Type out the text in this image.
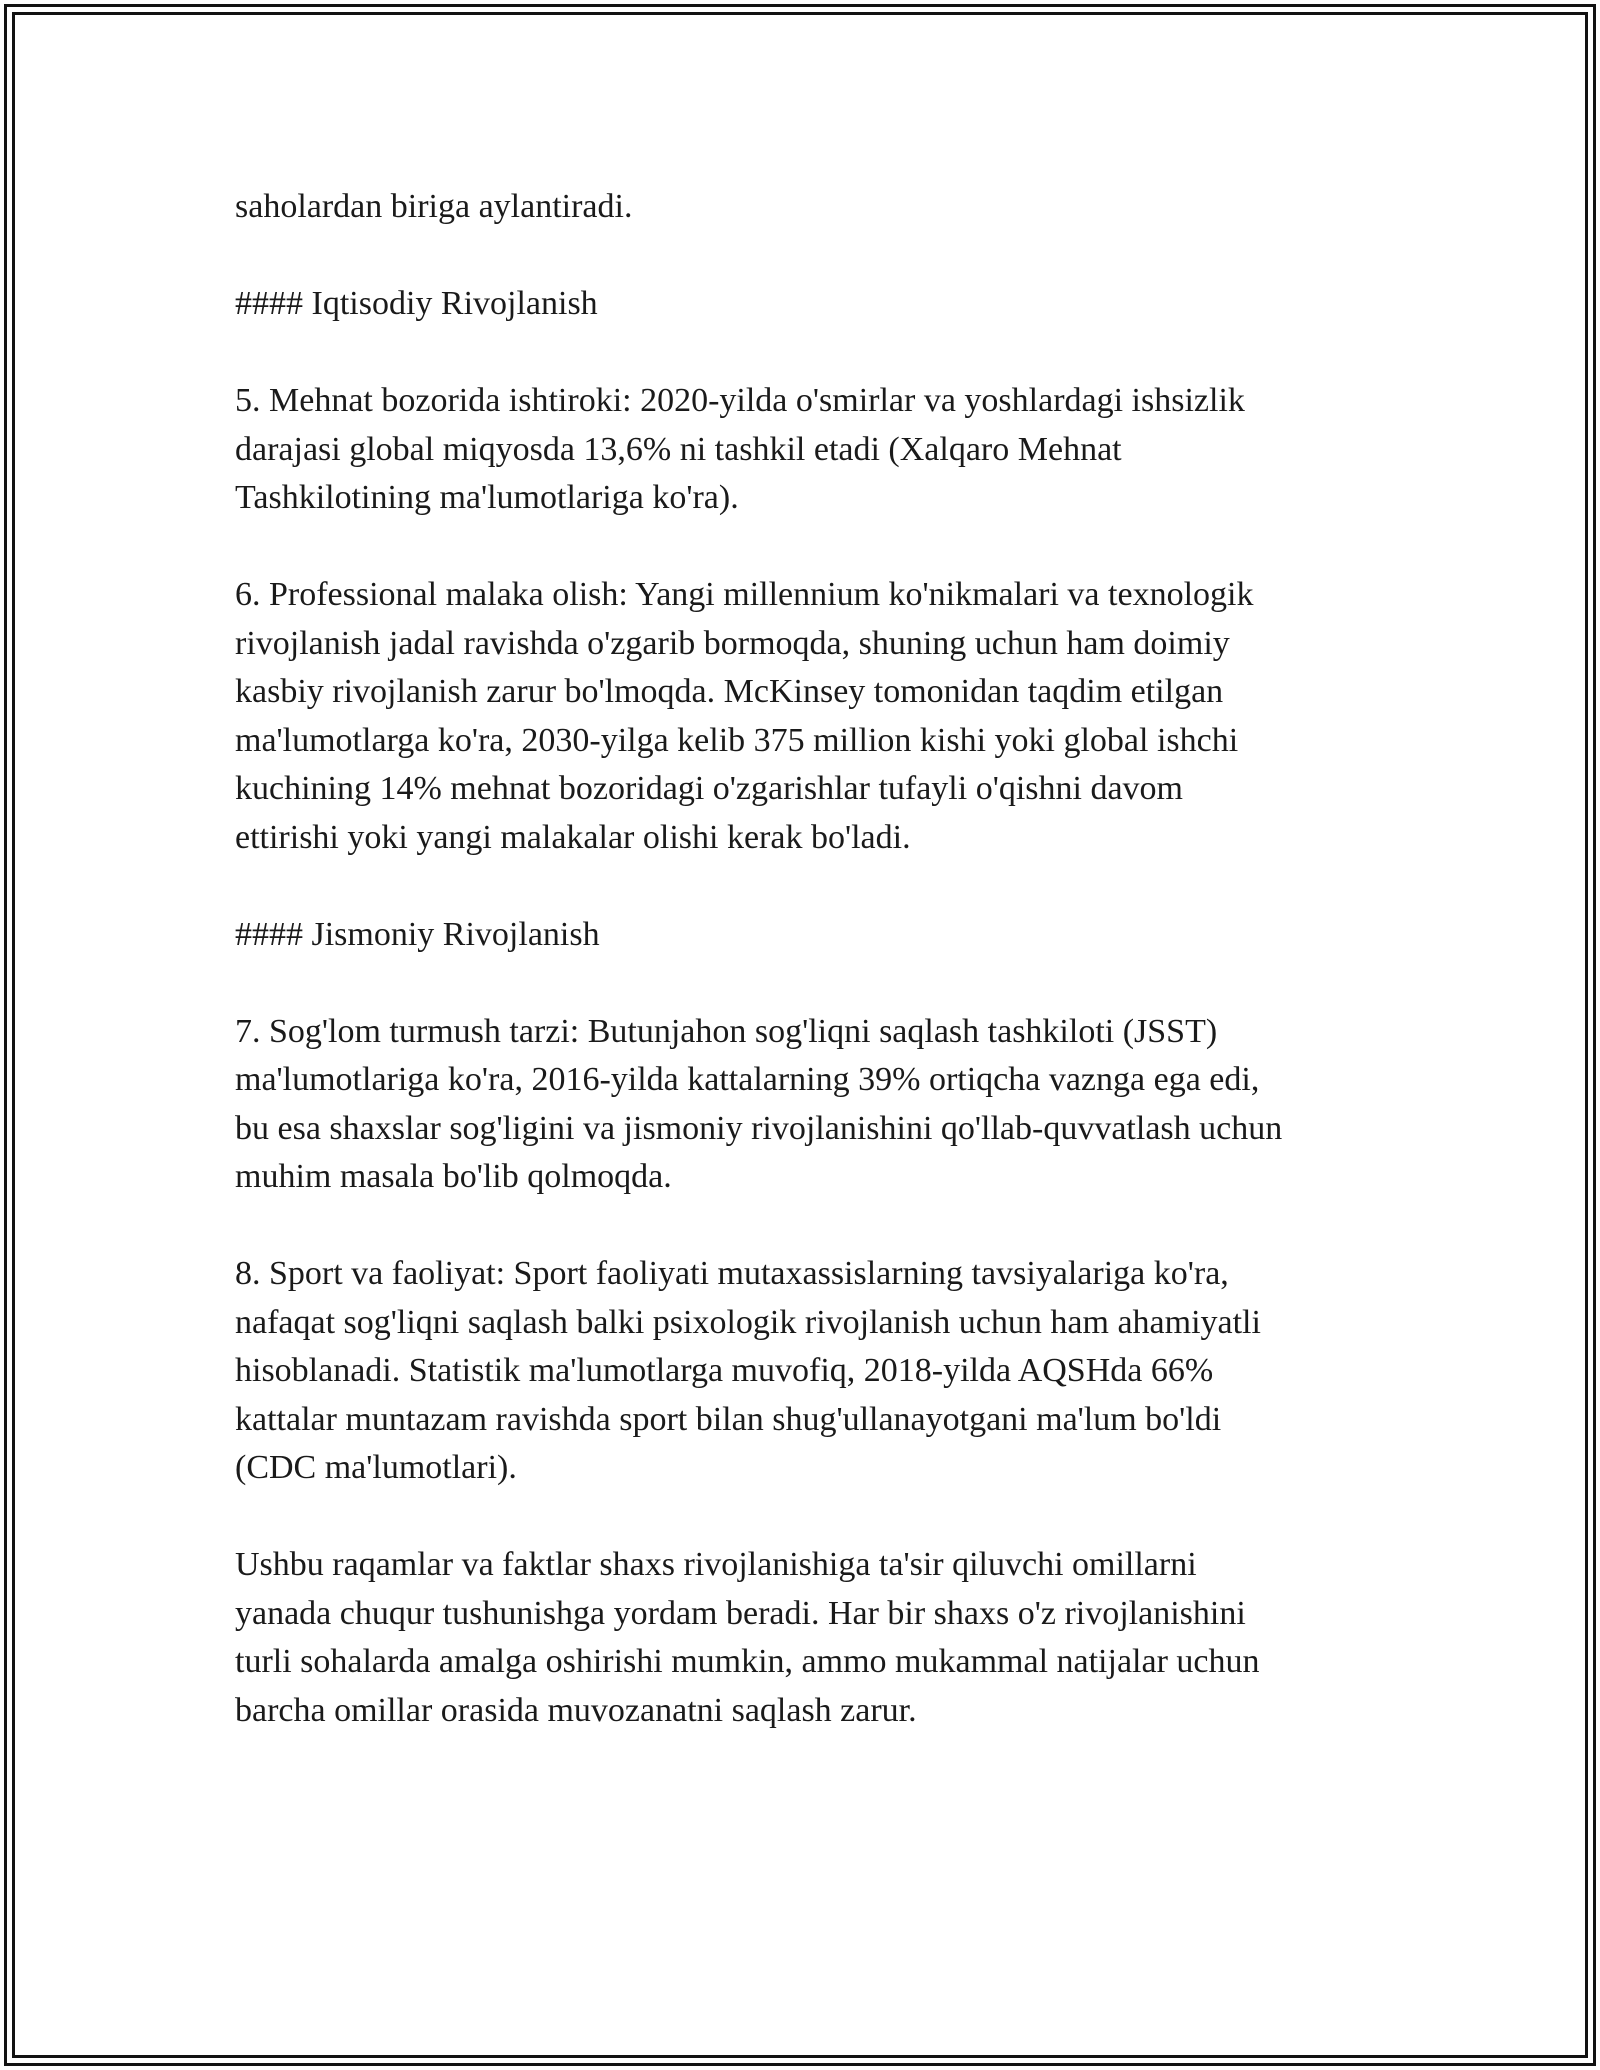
saholardan biriga aylantiradi.

#### Iqtisodiy Rivojlanish

5. Mehnat bozorida ishtiroki: 2020-yilda o'smirlar va yoshlardagi ishsizlik
darajasi global miqyosda 13,6% ni tashkil etadi (Xalqaro Mehnat
Tashkilotining ma'lumotlariga ko'ra).

6. Professional malaka olish: Yangi millennium ko'nikmalari va texnologik
rivojlanish jadal ravishda o'zgarib bormoqda, shuning uchun ham doimiy
kasbiy rivojlanish zarur bo'lmoqda. McKinsey tomonidan taqdim etilgan
ma'lumotlarga ko'ra, 2030-yilga kelib 375 million kishi yoki global ishchi
kuchining 14% mehnat bozoridagi o'zgarishlar tufayli o'qishni davom
ettirishi yoki yangi malakalar olishi kerak bo'ladi.

#### Jismoniy Rivojlanish

7. Sog'lom turmush tarzi: Butunjahon sog'liqni saqlash tashkiloti (JSST)
ma'lumotlariga ko'ra, 2016-yilda kattalarning 39% ortiqcha vaznga ega edi,
bu esa shaxslar sog'ligini va jismoniy rivojlanishini qo'llab-quvvatlash uchun
muhim masala bo'lib qolmoqda.

8. Sport va faoliyat: Sport faoliyati mutaxassislarning tavsiyalariga ko'ra,
nafaqat sog'liqni saqlash balki psixologik rivojlanish uchun ham ahamiyatli
hisoblanadi. Statistik ma'lumotlarga muvofiq, 2018-yilda AQSHda 66%
kattalar muntazam ravishda sport bilan shug'ullanayotgani ma'lum bo'ldi
(CDC ma'lumotlari).

Ushbu raqamlar va faktlar shaxs rivojlanishiga ta'sir qiluvchi omillarni
yanada chuqur tushunishga yordam beradi. Har bir shaxs o'z rivojlanishini
turli sohalarda amalga oshirishi mumkin, ammo mukammal natijalar uchun
barcha omillar orasida muvozanatni saqlash zarur.
